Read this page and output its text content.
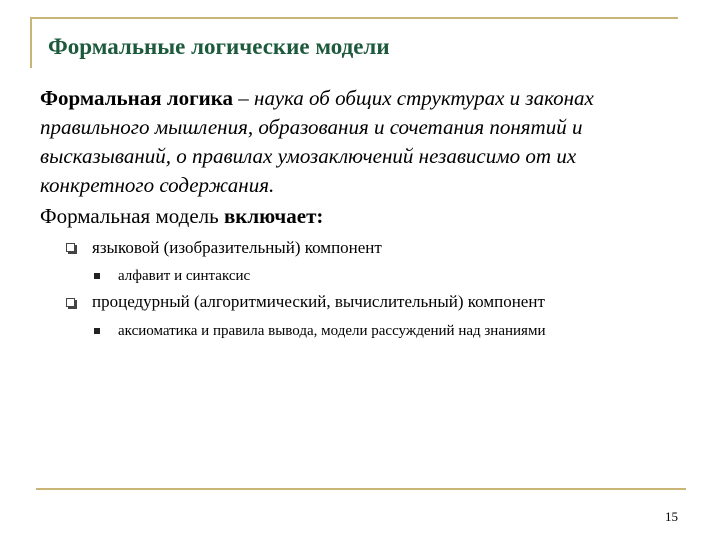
Формальные логические модели
Формальная логика – наука об общих структурах и законах правильного мышления, образования и сочетания понятий и высказываний, о правилах умозаключений независимо от их конкретного содержания.
Формальная модель включает:
языковой (изобразительный) компонент
алфавит и синтаксис
процедурный (алгоритмический, вычислительный) компонент
аксиоматика и правила вывода, модели рассуждений над знаниями
15
